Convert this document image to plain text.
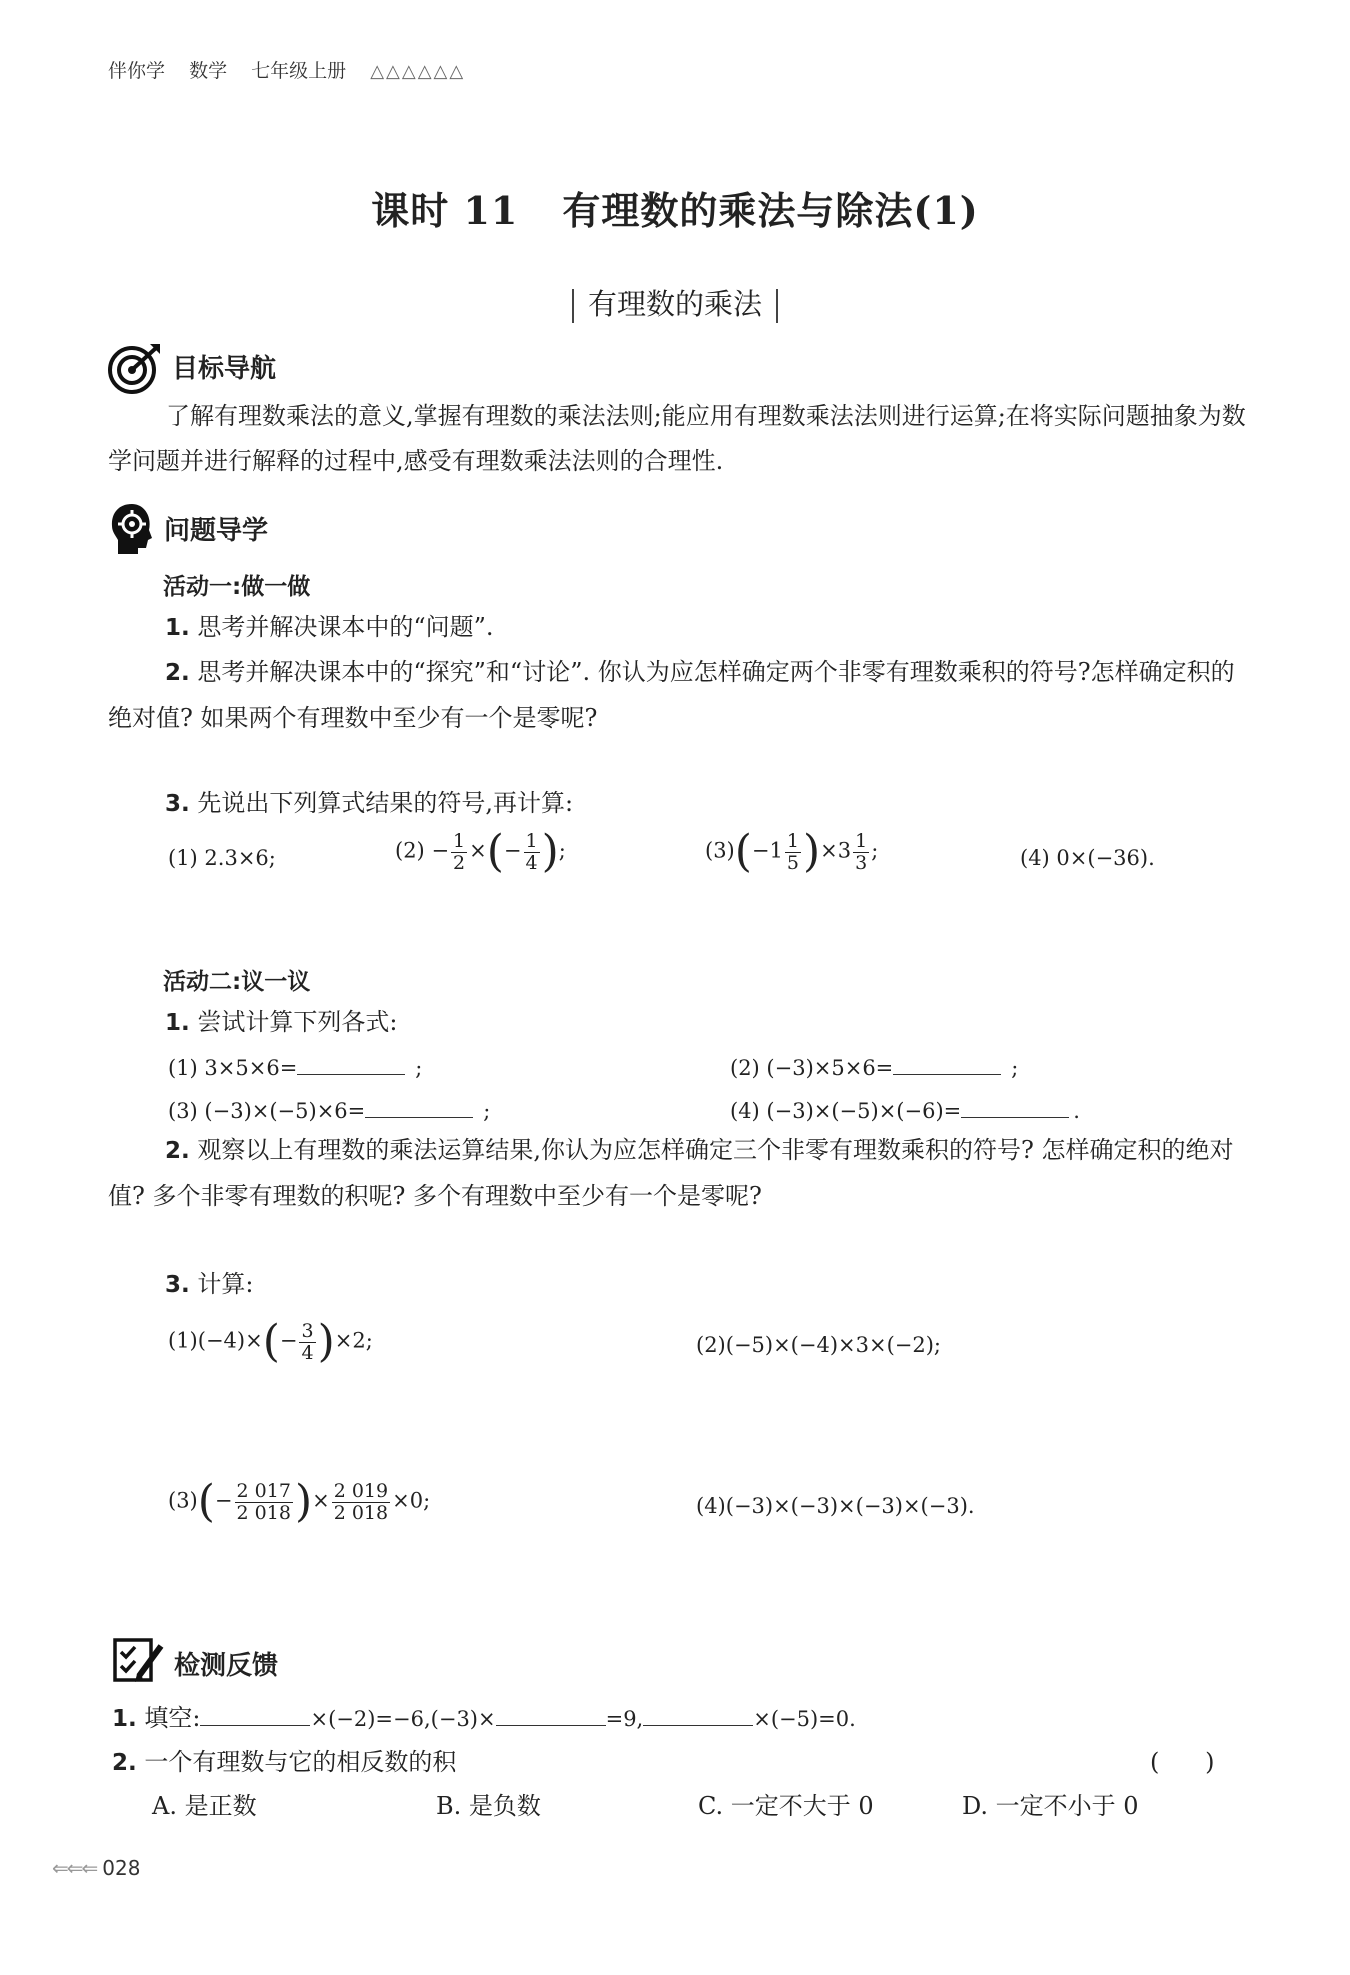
伴你学 数学 七年级上册 △△△△△△
课时 11 有理数的乘法与除法(1)
有理数的乘法
目标导航
了解有理数乘法的意义,掌握有理数的乘法法则;能应用有理数乘法法则进行运算;在将实际问题抽象为数学问题并进行解释的过程中,感受有理数乘法法则的合理性.
问题导学
活动一:做一做
1. 思考并解决课本中的“问题”.
2. 思考并解决课本中的“探究”和“讨论”. 你认为应怎样确定两个非零有理数乘积的符号?怎样确定积的绝对值? 如果两个有理数中至少有一个是零呢?
3. 先说出下列算式结果的符号,再计算:
(1) 2.3×6;	$(2) - \frac{1}{2}$ ×(− $\frac{1}{4}$ );	$(3)(-1 \frac{1}{5} )\times 3 \frac{1}{3}$ ;	(4) 0×(−36).
活动二:议一议
1. 尝试计算下列各式:
(1) 3×5×6=	;	(2) (−3)×5×6=	;
(3) (−3)×(−5)×6=	;	(4) (−3)×(−5)×(−6)=	.
2. 观察以上有理数的乘法运算结果,你认为应怎样确定三个非零有理数乘积的符号? 怎样确定积的绝对值? 多个非零有理数的积呢? 多个有理数中至少有一个是零呢?
3. 计算:
$(1)(-4)\times(- \frac{3}{4} )\times 2$;	(2)(−5)×(−4)×3×(−2);
$(3)(- \frac{2 017}{2 018}$ )× $\frac{2 019}{2 018} \times 0$;	(4)(−3)×(−3)×(−3)×(−3).
检测反馈
1. 填空:	×(−2)=−6,(−3)×	=9,	×(−5)=0.
2. 一个有理数与它的相反数的积	(      )
A. 是正数	B. 是负数	C. 一定不大于 0	D. 一定不小于 0
⇐⇐⇐ 028
